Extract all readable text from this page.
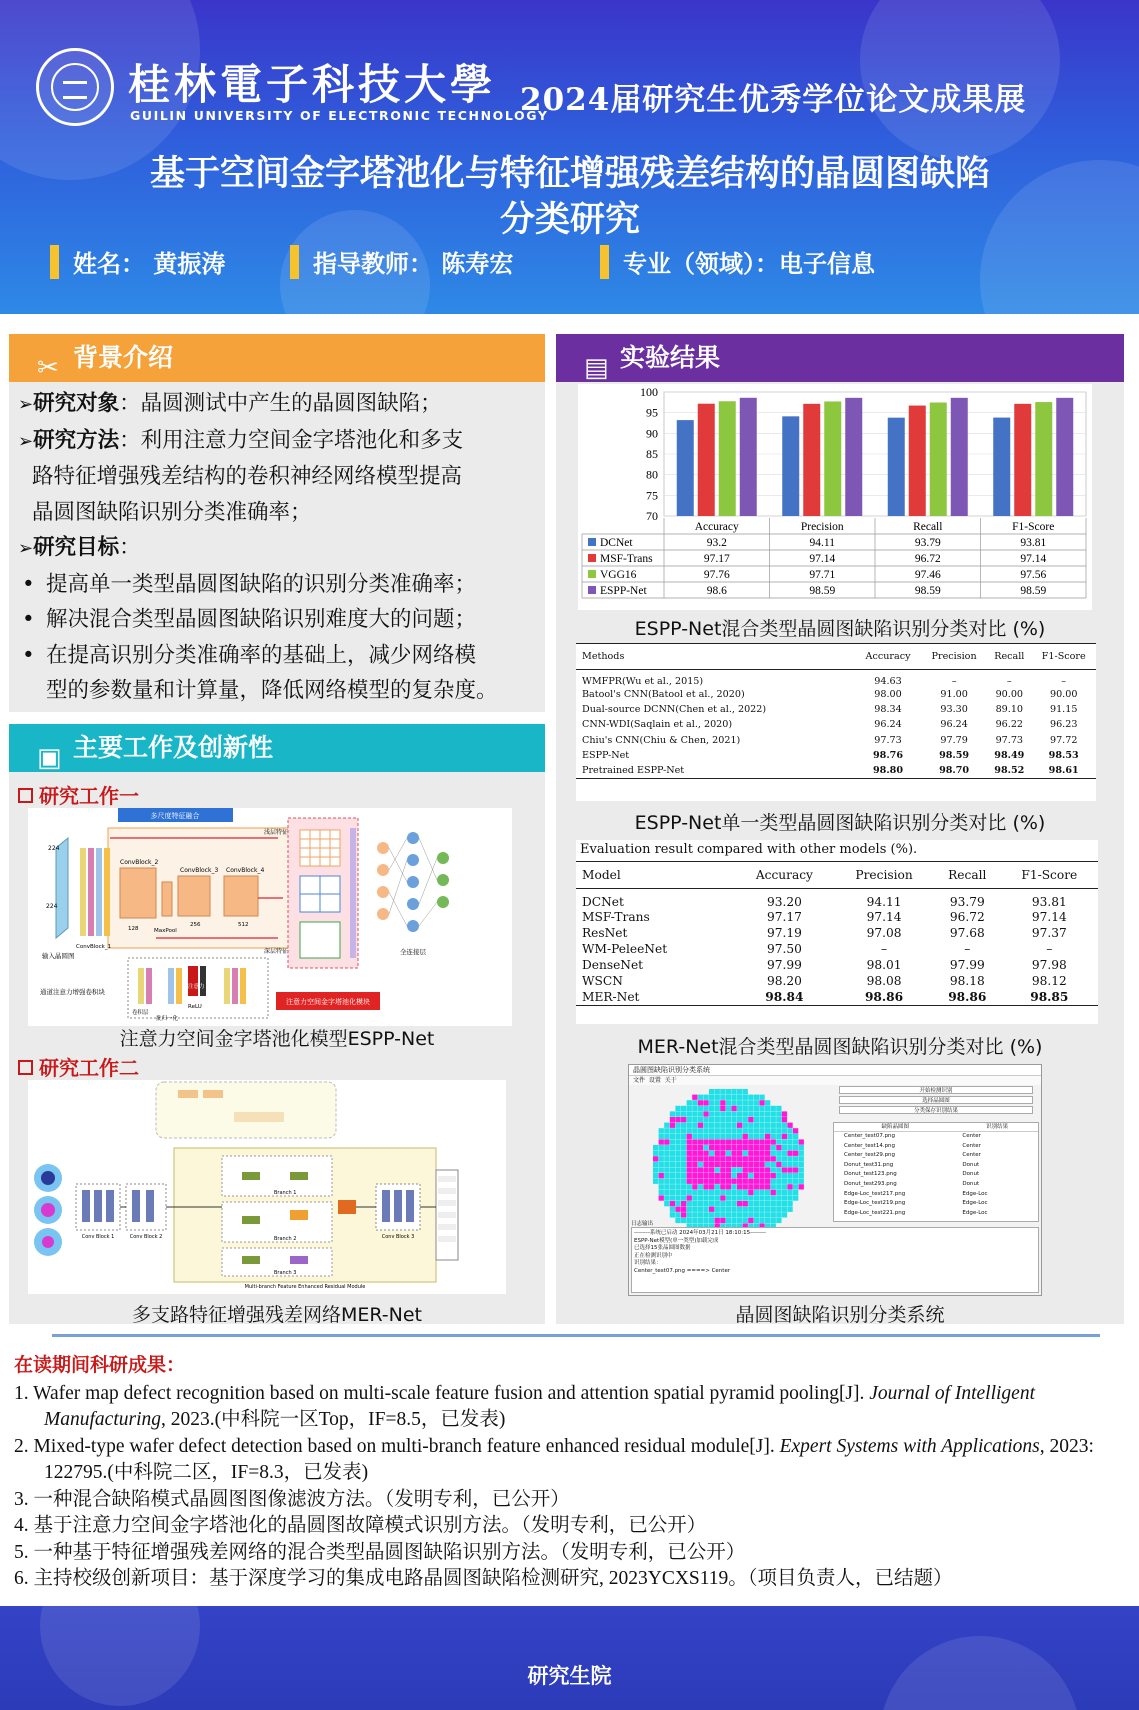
桂林電子科技大學
GUILIN UNIVERSITY OF ELECTRONIC TECHNOLOGY
2024届研究生优秀学位论文成果展
基于空间金字塔池化与特征增强残差结构的晶圆图缺陷
分类研究
姓名： 黄振涛	指导教师： 陈寿宏	专业（领域）：电子信息
✂ 背景介绍
➢研究对象：晶圆测试中产生的晶圆图缺陷；
➢研究方法：利用注意力空间金字塔池化和多支
路特征增强残差结构的卷积神经网络模型提高
晶圆图缺陷识别分类准确率；
➢研究目标：
• 提高单一类型晶圆图缺陷的识别分类准确率；
• 解决混合类型晶圆图缺陷识别难度大的问题；
• 在提高识别分类准确率的基础上，减少网络模
型的参数量和计算量，降低网络模型的复杂度。
▣ 主要工作及创新性
研究工作一
多尺度特征融合
224
224
输入晶圆图
ConvBlock_1
ConvBlock_2
128	MaxPool
ConvBlock_3
256
ConvBlock_4
512
浅层特征
深层特征	全连接层
通道注意力增强卷积块
卷积层
批归一化
ReLU
注意力
注意力空间金字塔池化模块
注意力空间金字塔池化模型ESPP-Net
研究工作二
Branch 1
Branch 2
Branch 3
Conv Block 1	Conv Block 2	Conv Block 3
Multi-branch Feature Enhanced Residual Module
多支路特征增强残差网络MER-Net
▤ 实验结果
70
75
80
85
90
95
100
Accuracy	Precision	Recall	F1-Score
DCNet	93.2	94.11	93.79	93.81
MSF-Trans	97.17	97.14	96.72	97.14
VGG16	97.76	97.71	97.46	97.56
ESPP-Net	98.6	98.59	98.59	98.59
ESPP-Net混合类型晶圆图缺陷识别分类对比 (%)
Methods	Accuracy	Precision	Recall	F1-Score
WMFPR(Wu et al., 2015)	94.63	–	–	–
Batool's CNN(Batool et al., 2020)	98.00	91.00	90.00	90.00
Dual-source DCNN(Chen et al., 2022)	98.34	93.30	89.10	91.15
CNN-WDI(Saqlain et al., 2020)	96.24	96.24	96.22	96.23
Chiu's CNN(Chiu & Chen, 2021)	97.73	97.79	97.73	97.72
ESPP-Net	98.76	98.59	98.49	98.53
Pretrained ESPP-Net	98.80	98.70	98.52	98.61
ESPP-Net单一类型晶圆图缺陷识别分类对比 (%)
Evaluation result compared with other models (%).
Model	Accuracy	Precision	Recall	F1-Score
DCNet	93.20	94.11	93.79	93.81
MSF-Trans	97.17	97.14	96.72	97.14
ResNet	97.19	97.08	97.68	97.37
WM-PeleeNet	97.50	–	–	–
DenseNet	97.99	98.01	97.99	97.98
WSCN	98.20	98.08	98.18	98.12
MER-Net	98.84	98.86	98.86	98.85
MER-Net混合类型晶圆图缺陷识别分类对比 (%)
晶圆图缺陷识别分类系统
文件 设置 关于
开始检测识别
选择晶圆图
分类保存识别结果
缺陷晶圆图	识别结果
Center_test07.png	Center
Center_test14.png	Center
Center_test29.png	Center
Donut_test31.png	Donut
Donut_test123.png	Donut
Donut_test293.png	Donut
Edge-Loc_test217.png	Edge-Loc
Edge-Loc_test219.png	Edge-Loc
Edge-Loc_test221.png	Edge-Loc
日志输出
--------系统已启动 2024年03月21日 18:10:15--------
ESPP-Net模型(单一类型)加载完成
已选择15张晶圆图数据
正在检测识别中
识别结果：
Center_test07.png ====> Center
晶圆图缺陷识别分类系统
在读期间科研成果：
1. Wafer map defect recognition based on multi-scale feature fusion and attention spatial pyramid pooling[J]. Journal of Intelligent Manufacturing, 2023.(中科院一区Top，IF=8.5，已发表)
2. Mixed-type wafer defect detection based on multi-branch feature enhanced residual module[J]. Expert Systems with Applications, 2023: 122795.(中科院二区，IF=8.3，已发表)
3. 一种混合缺陷模式晶圆图图像滤波方法。（发明专利，已公开）
4. 基于注意力空间金字塔池化的晶圆图故障模式识别方法。（发明专利，已公开）
5. 一种基于特征增强残差网络的混合类型晶圆图缺陷识别方法。（发明专利，已公开）
6. 主持校级创新项目：基于深度学习的集成电路晶圆图缺陷检测研究, 2023YCXS119。（项目负责人，已结题）
研究生院
